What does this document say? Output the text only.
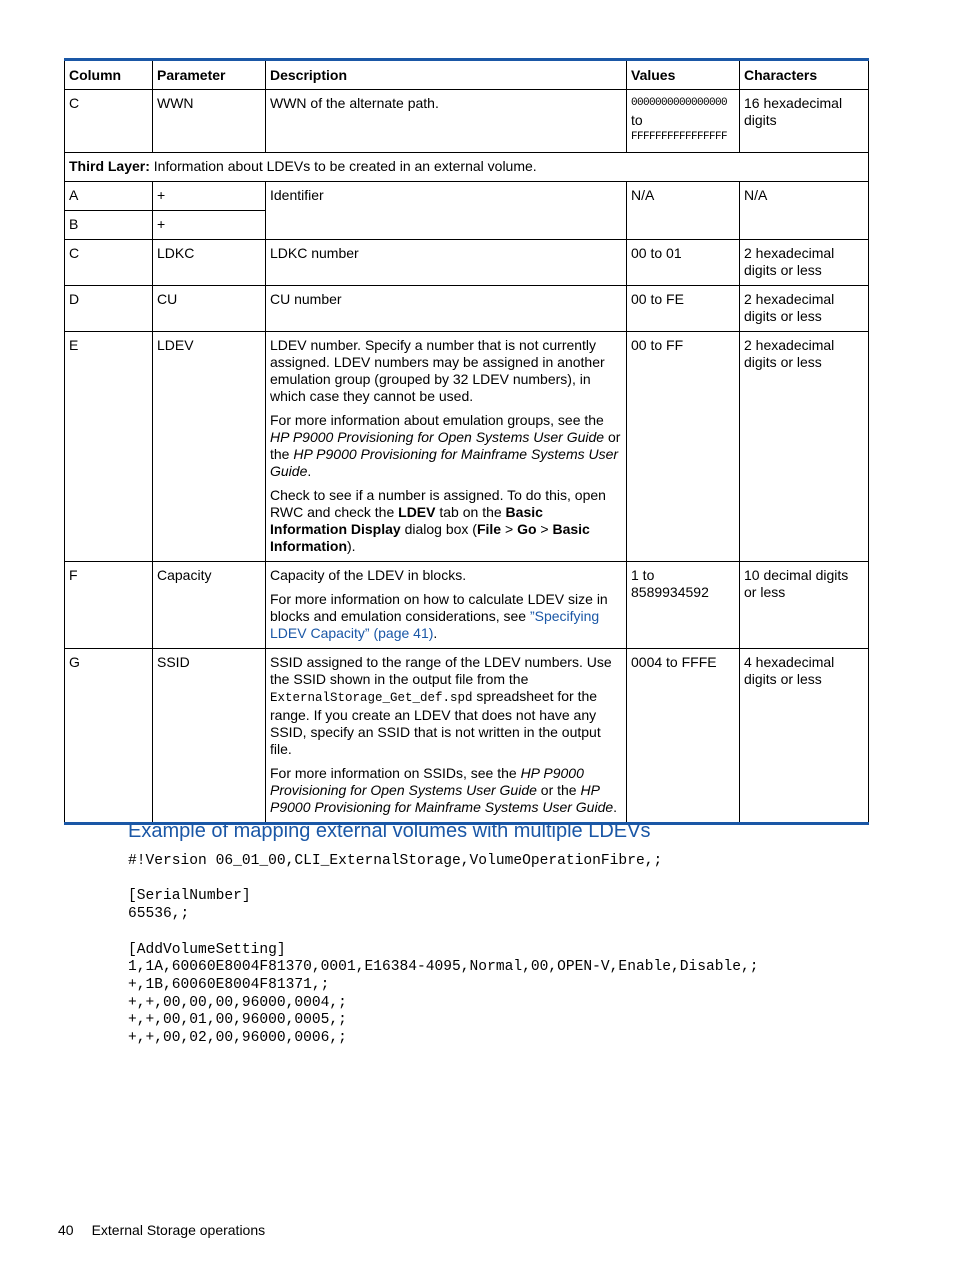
Column	Parameter	Description	Values	Characters
C	WWN	WWN of the alternate path.	0000000000000000
to
FFFFFFFFFFFFFFFF	16 hexadecimal digits
Third Layer: Information about LDEVs to be created in an external volume.				
A	+	Identifier	N/A	N/A
B	+			
C	LDKC	LDKC number	00 to 01	2 hexadecimal digits or less
D	CU	CU number	00 to FE	2 hexadecimal digits or less
E	LDEV	LDEV number. Specify a number that is not currently assigned. LDEV numbers may be assigned in another emulation group (grouped by 32 LDEV numbers), in which case they cannot be used.

For more information about emulation groups, see the HP P9000 Provisioning for Open Systems User Guide or the HP P9000 Provisioning for Mainframe Systems User Guide.

Check to see if a number is assigned. To do this, open RWC and check the LDEV tab on the Basic Information Display dialog box (File > Go > Basic Information).	00 to FF	2 hexadecimal digits or less
F	Capacity	Capacity of the LDEV in blocks.

For more information on how to calculate LDEV size in blocks and emulation considerations, see ”Specifying LDEV Capacity” (page 41).	1 to 8589934592	10 decimal digits or less
G	SSID	SSID assigned to the range of the LDEV numbers. Use the SSID shown in the output file from the ExternalStorage_Get_def.spd spreadsheet for the range. If you create an LDEV that does not have any SSID, specify an SSID that is not written in the output file.

For more information on SSIDs, see the HP P9000 Provisioning for Open Systems User Guide or the HP P9000 Provisioning for Mainframe Systems User Guide.	0004 to FFFE	4 hexadecimal digits or less
Example of mapping external volumes with multiple LDEVs
#!Version 06_01_00,CLI_ExternalStorage,VolumeOperationFibre,;

[SerialNumber]
65536,;

[AddVolumeSetting]
1,1A,60060E8004F81370,0001,E16384-4095,Normal,00,OPEN-V,Enable,Disable,;
+,1B,60060E8004F81371,;
+,+,00,00,00,96000,0004,;
+,+,00,01,00,96000,0005,;
+,+,00,02,00,96000,0006,;
40 External Storage operations
